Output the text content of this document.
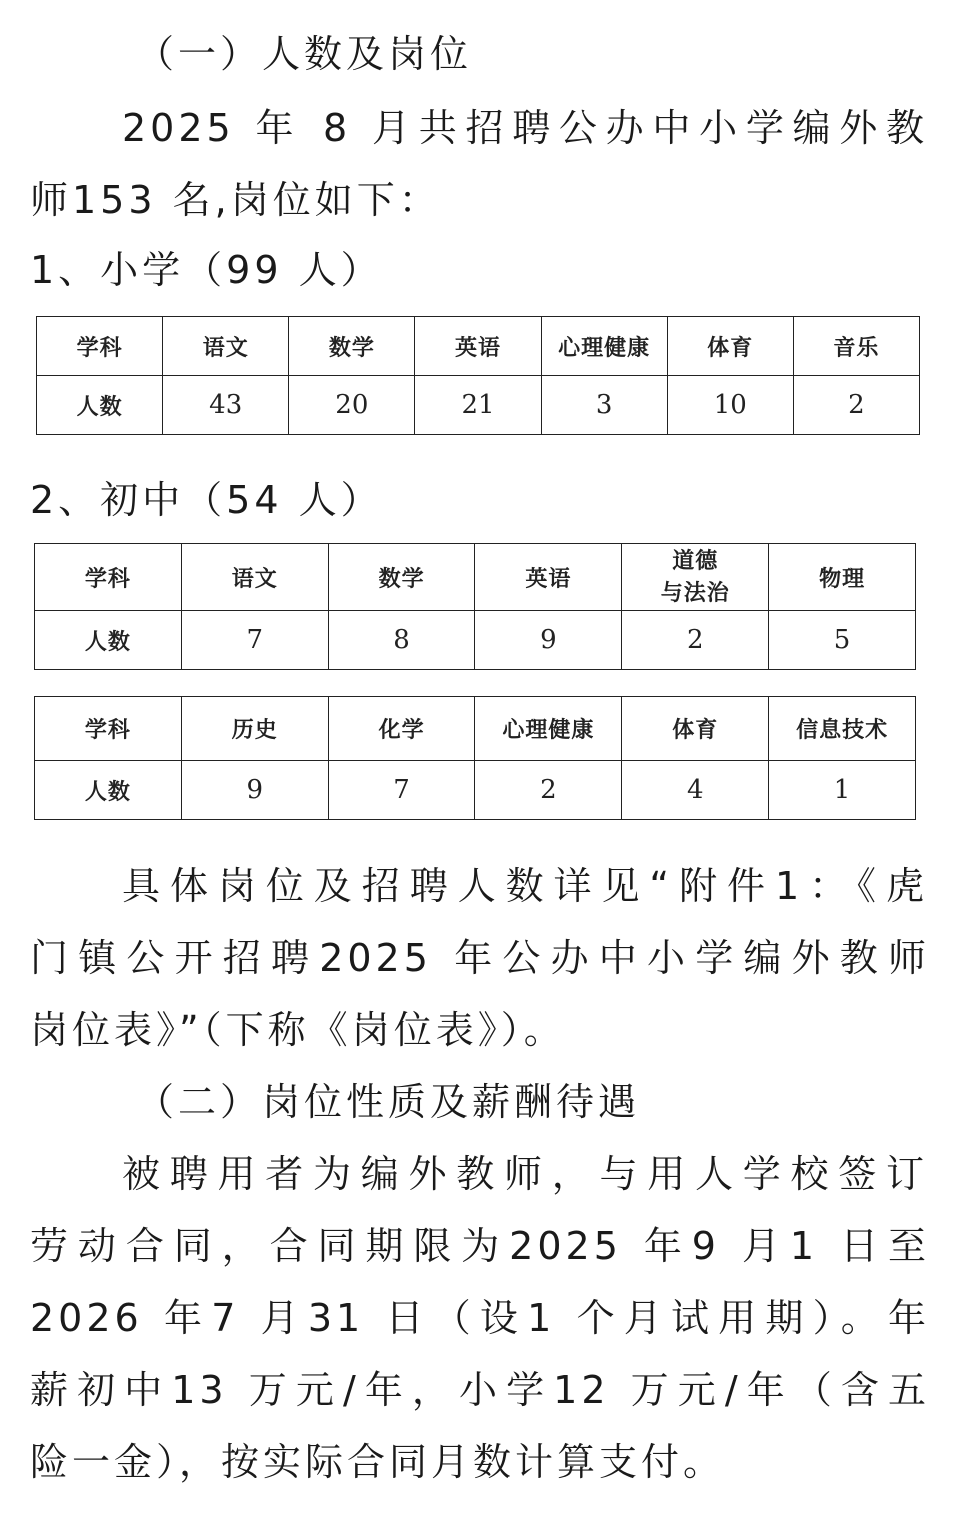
（一）人数及岗位
2025 年 8 月共招聘公办中小学编外教
师153 名,岗位如下：
1、小学（99 人）
学科	语文	数学	英语	心理健康	体育	音乐
人数	43	20	21	3	10	2
2、初中（54 人）
学科	语文	数学	英语	道德
与法治	物理
人数	7	8	9	2	5
学科	历史	化学	心理健康	体育	信息技术
人数	9	7	2	4	1
具体岗位及招聘人数详见“附件1：《虎
门镇公开招聘2025 年公办中小学编外教师
岗位表》”（下称《岗位表》）。
（二）岗位性质及薪酬待遇
被聘用者为编外教师，与用人学校签订
劳动合同，合同期限为2025 年9 月1 日至
2026 年7 月31 日（设1 个月试用期）。年
薪初中13 万元/年，小学12 万元/年（含五
险一金），按实际合同月数计算支付。
